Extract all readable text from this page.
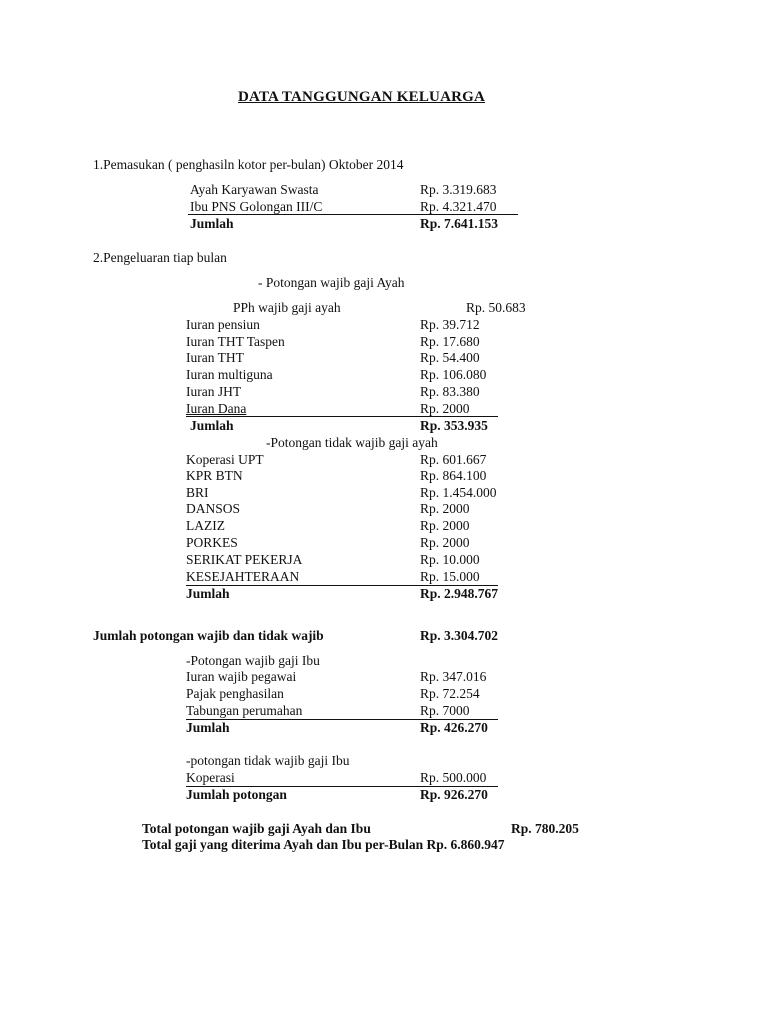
DATA TANGGUNGAN KELUARGA
1.Pemasukan ( penghasiln kotor per-bulan) Oktober 2014
Ayah Karyawan Swasta	Rp. 3.319.683
Ibu PNS Golongan III/C	Rp. 4.321.470
Jumlah	Rp. 7.641.153
2.Pengeluaran tiap bulan
- Potongan wajib gaji Ayah
PPh wajib gaji ayah	Rp. 50.683
Iuran pensiun	Rp. 39.712
Iuran THT Taspen	Rp. 17.680
Iuran THT	Rp. 54.400
Iuran multiguna	Rp. 106.080
Iuran JHT	Rp. 83.380
Iuran Dana	Rp. 2000
Jumlah	Rp. 353.935
-Potongan tidak wajib gaji ayah
Koperasi UPT	Rp. 601.667
KPR BTN	Rp. 864.100
BRI	Rp. 1.454.000
DANSOS	Rp. 2000
LAZIZ	Rp. 2000
PORKES	Rp. 2000
SERIKAT PEKERJA	Rp. 10.000
KESEJAHTERAAN	Rp. 15.000
Jumlah	Rp. 2.948.767
Jumlah potongan wajib dan tidak wajib	Rp. 3.304.702
-Potongan wajib gaji Ibu
Iuran wajib pegawai	Rp. 347.016
Pajak penghasilan	Rp. 72.254
Tabungan perumahan	Rp. 7000
Jumlah	Rp. 426.270
-potongan tidak wajib gaji Ibu
Koperasi	Rp. 500.000
Jumlah potongan	Rp. 926.270
Total potongan wajib gaji Ayah dan Ibu	Rp. 780.205
Total gaji yang diterima Ayah dan Ibu per-Bulan Rp. 6.860.947
